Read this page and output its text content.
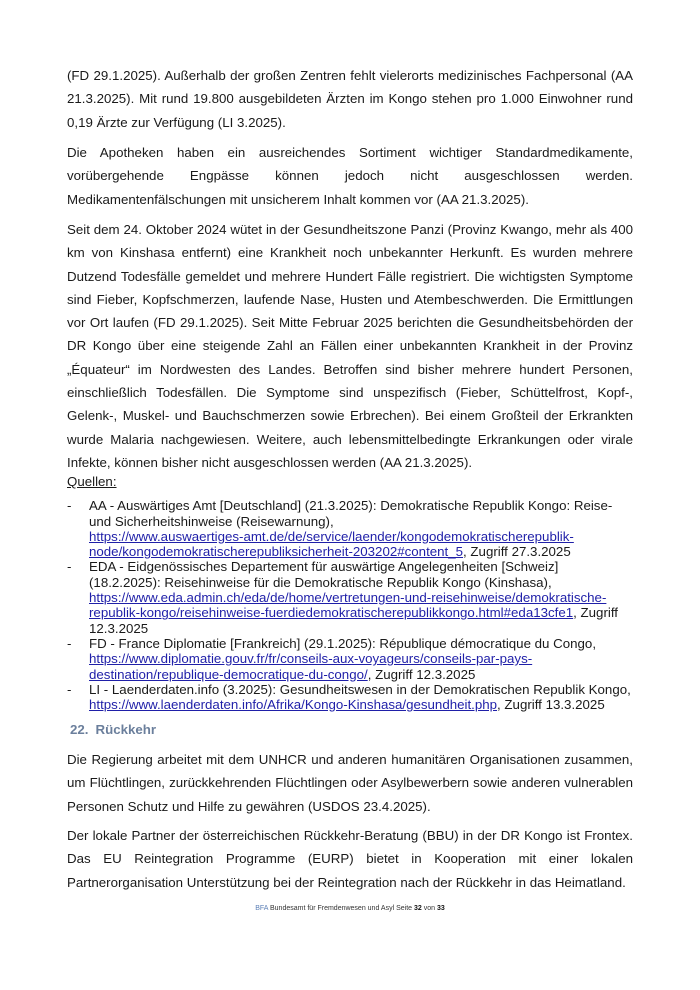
(FD 29.1.2025). Außerhalb der großen Zentren fehlt vielerorts medizinisches Fachpersonal (AA 21.3.2025). Mit rund 19.800 ausgebildeten Ärzten im Kongo stehen pro 1.000 Einwohner rund 0,19 Ärzte zur Verfügung (LI 3.2025).

Die Apotheken haben ein ausreichendes Sortiment wichtiger Standardmedikamente, vorübergehende Engpässe können jedoch nicht ausgeschlossen werden. Medikamentenfälschungen mit unsicherem Inhalt kommen vor (AA 21.3.2025).

Seit dem 24. Oktober 2024 wütet in der Gesundheitszone Panzi (Provinz Kwango, mehr als 400 km von Kinshasa entfernt) eine Krankheit noch unbekannter Herkunft. Es wurden mehrere Dutzend Todesfälle gemeldet und mehrere Hundert Fälle registriert. Die wichtigsten Symptome sind Fieber, Kopfschmerzen, laufende Nase, Husten und Atembeschwerden. Die Ermittlungen vor Ort laufen (FD 29.1.2025). Seit Mitte Februar 2025 berichten die Gesundheitsbehörden der DR Kongo über eine steigende Zahl an Fällen einer unbekannten Krankheit in der Provinz „Équateur“ im Nordwesten des Landes. Betroffen sind bisher mehrere hundert Personen, einschließlich Todesfällen. Die Symptome sind unspezifisch (Fieber, Schüttelfrost, Kopf-, Gelenk-, Muskel- und Bauchschmerzen sowie Erbrechen). Bei einem Großteil der Erkrankten wurde Malaria nachgewiesen. Weitere, auch lebensmittelbedingte Erkrankungen oder virale Infekte, können bisher nicht ausgeschlossen werden (AA 21.3.2025).

Quellen:
- AA - Auswärtiges Amt [Deutschland] (21.3.2025): Demokratische Republik Kongo: Reise- und Sicherheitshinweise (Reisewarnung),
https://www.auswaertiges-amt.de/de/service/laender/kongodemokratischerepublik-node/kongodemokratischerepubliksicherheit-203202#content_5, Zugriff 27.3.2025
- EDA - Eidgenössisches Departement für auswärtige Angelegenheiten [Schweiz] (18.2.2025): Reisehinweise für die Demokratische Republik Kongo (Kinshasa),
https://www.eda.admin.ch/eda/de/home/vertretungen-und-reisehinweise/demokratische-republik-kongo/reisehinweise-fuerdiedemokratischerepublikkongo.html#eda13cfe1, Zugriff 12.3.2025
- FD - France Diplomatie [Frankreich] (29.1.2025): République démocratique du Congo,
https://www.diplomatie.gouv.fr/fr/conseils-aux-voyageurs/conseils-par-pays-destination/republique-democratique-du-congo/, Zugriff 12.3.2025
- LI - Laenderdaten.info (3.2025): Gesundheitswesen in der Demokratischen Republik Kongo,
https://www.laenderdaten.info/Afrika/Kongo-Kinshasa/gesundheit.php, Zugriff 13.3.2025
22. Rückkehr

Die Regierung arbeitet mit dem UNHCR und anderen humanitären Organisationen zusammen, um Flüchtlingen, zurückkehrenden Flüchtlingen oder Asylbewerbern sowie anderen vulnerablen Personen Schutz und Hilfe zu gewähren (USDOS 23.4.2025).

Der lokale Partner der österreichischen Rückkehr-Beratung (BBU) in der DR Kongo ist Frontex. Das EU Reintegration Programme (EURP) bietet in Kooperation mit einer lokalen Partnerorganisation Unterstützung bei der Reintegration nach der Rückkehr in das Heimatland.

BFA Bundesamt für Fremdenwesen und Asyl Seite 32 von 33
